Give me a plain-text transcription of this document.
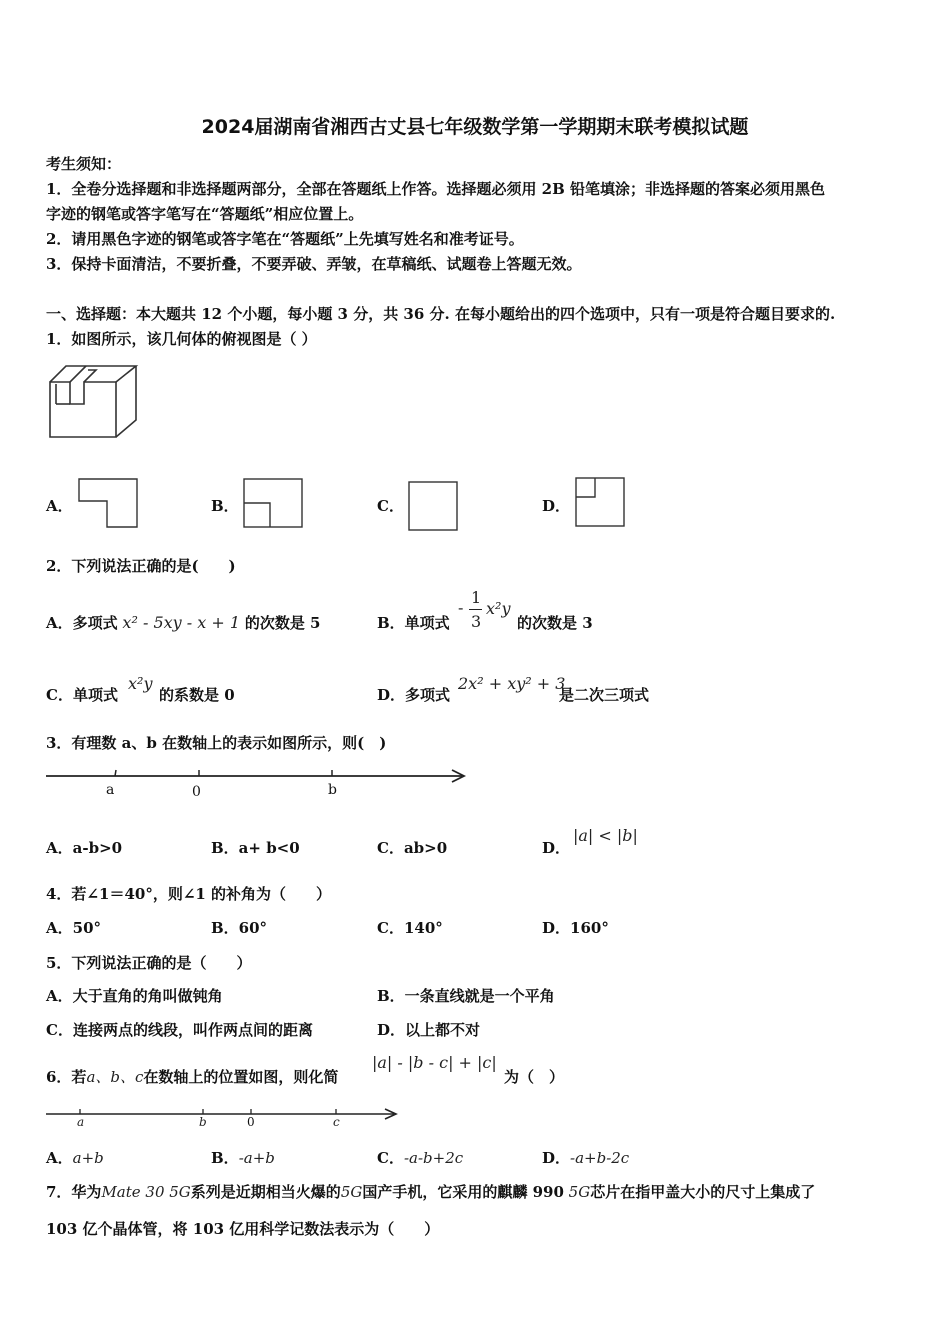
2024届湖南省湘西古丈县七年级数学第一学期期末联考模拟试题
考生须知：
1．全卷分选择题和非选择题两部分，全部在答题纸上作答。选择题必须用 2B 铅笔填涂；非选择题的答案必须用黑色
字迹的钢笔或答字笔写在“答题纸”相应位置上。
2．请用黑色字迹的钢笔或答字笔在“答题纸”上先填写姓名和准考证号。
3．保持卡面清洁，不要折叠，不要弄破、弄皱，在草稿纸、试题卷上答题无效。
一、选择题：本大题共 12 个小题，每小题 3 分，共 36 分. 在每小题给出的四个选项中，只有一项是符合题目要求的.
1．如图所示，该几何体的俯视图是（ ）
A．	B．	C．	D．
2．下列说法正确的是(　　)
A．多项式 x² - 5xy - x + 1 的次数是 5	B．单项式
-
1
3
x²y
的次数是 3
C．单项式
x²y
的系数是 0	D．多项式
2x² + xy² + 3
是二次三项式
3．有理数 a、b 在数轴上的表示如图所示，则(　)
a	0	b
A．a-b>0	B．a+ b<0	C．ab>0	D．
|a| < |b|
4．若∠1＝40°，则∠1 的补角为（　　）
A．50°	B．60°	C．140°	D．160°
5．下列说法正确的是（　　）
A．大于直角的角叫做钝角	B．一条直线就是一个平角
C．连接两点的线段，叫作两点间的距离	D．以上都不对
6．若a、b、c在数轴上的位置如图，则化简
|a| - |b - c| + |c|
为（　）
a	b	0	c
A．a+b	B．-a+b	C．-a-b+2c	D．-a+b-2c
7．华为Mate 30 5G系列是近期相当火爆的5G国产手机，它采用的麒麟 990 5G芯片在指甲盖大小的尺寸上集成了
103 亿个晶体管，将 103 亿用科学记数法表示为（　　）
